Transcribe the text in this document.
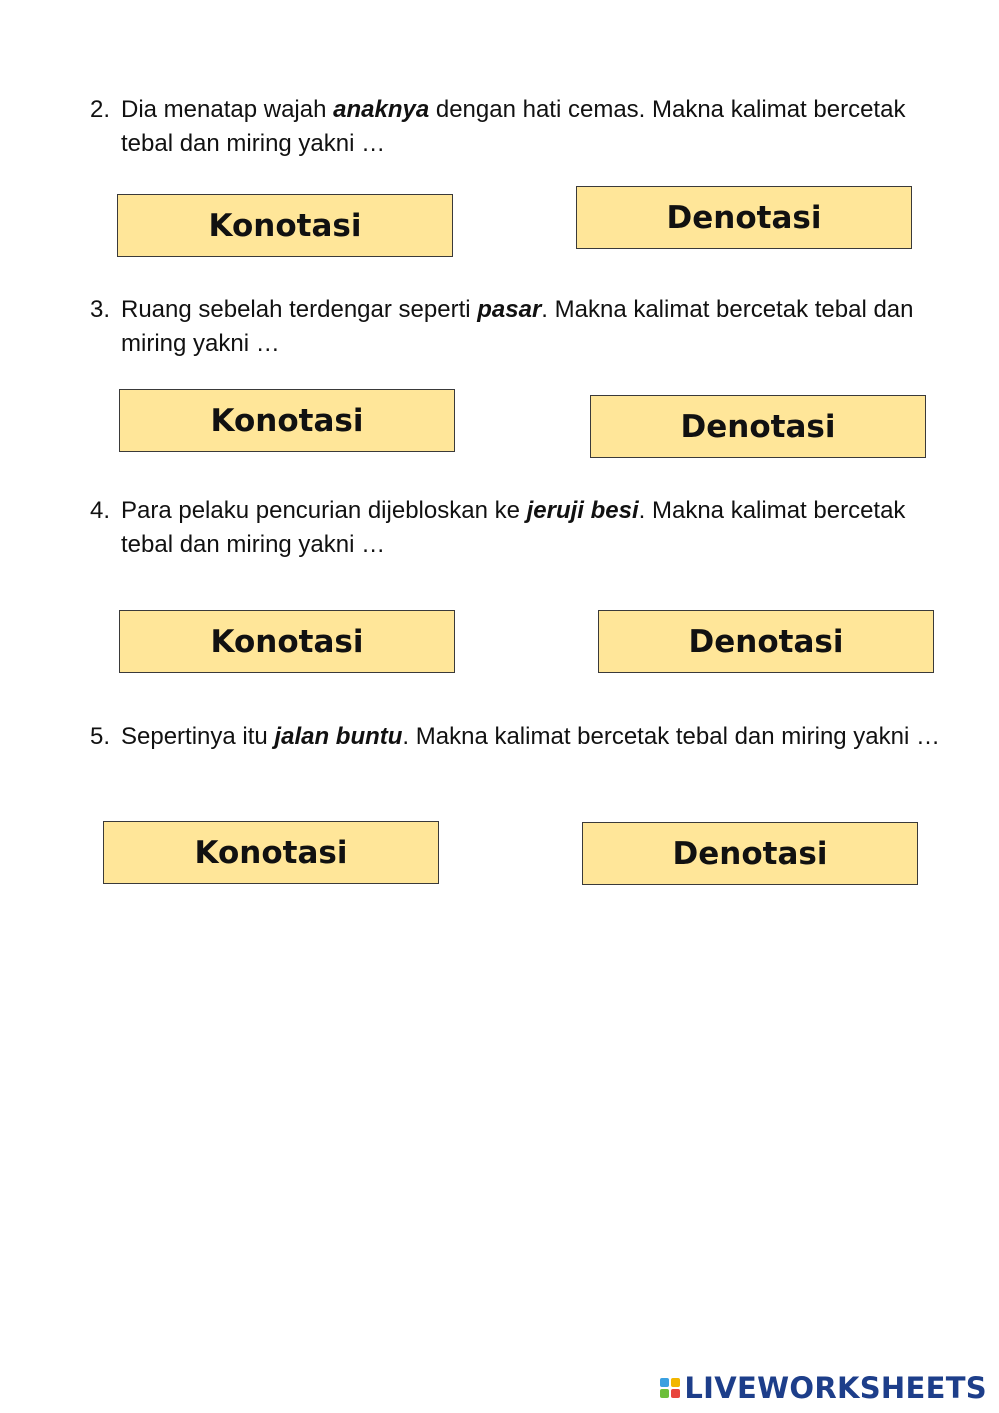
2. Dia menatap wajah anaknya dengan hati cemas. Makna kalimat bercetak tebal dan miring yakni …
Konotasi	Denotasi
3. Ruang sebelah terdengar seperti pasar. Makna kalimat bercetak tebal dan miring yakni …
Konotasi	Denotasi
4. Para pelaku pencurian dijebloskan ke jeruji besi. Makna kalimat bercetak tebal dan miring yakni …
Konotasi	Denotasi
5. Sepertinya itu jalan buntu. Makna kalimat bercetak tebal dan miring yakni …
Konotasi	Denotasi
LIVEWORKSHEETS
